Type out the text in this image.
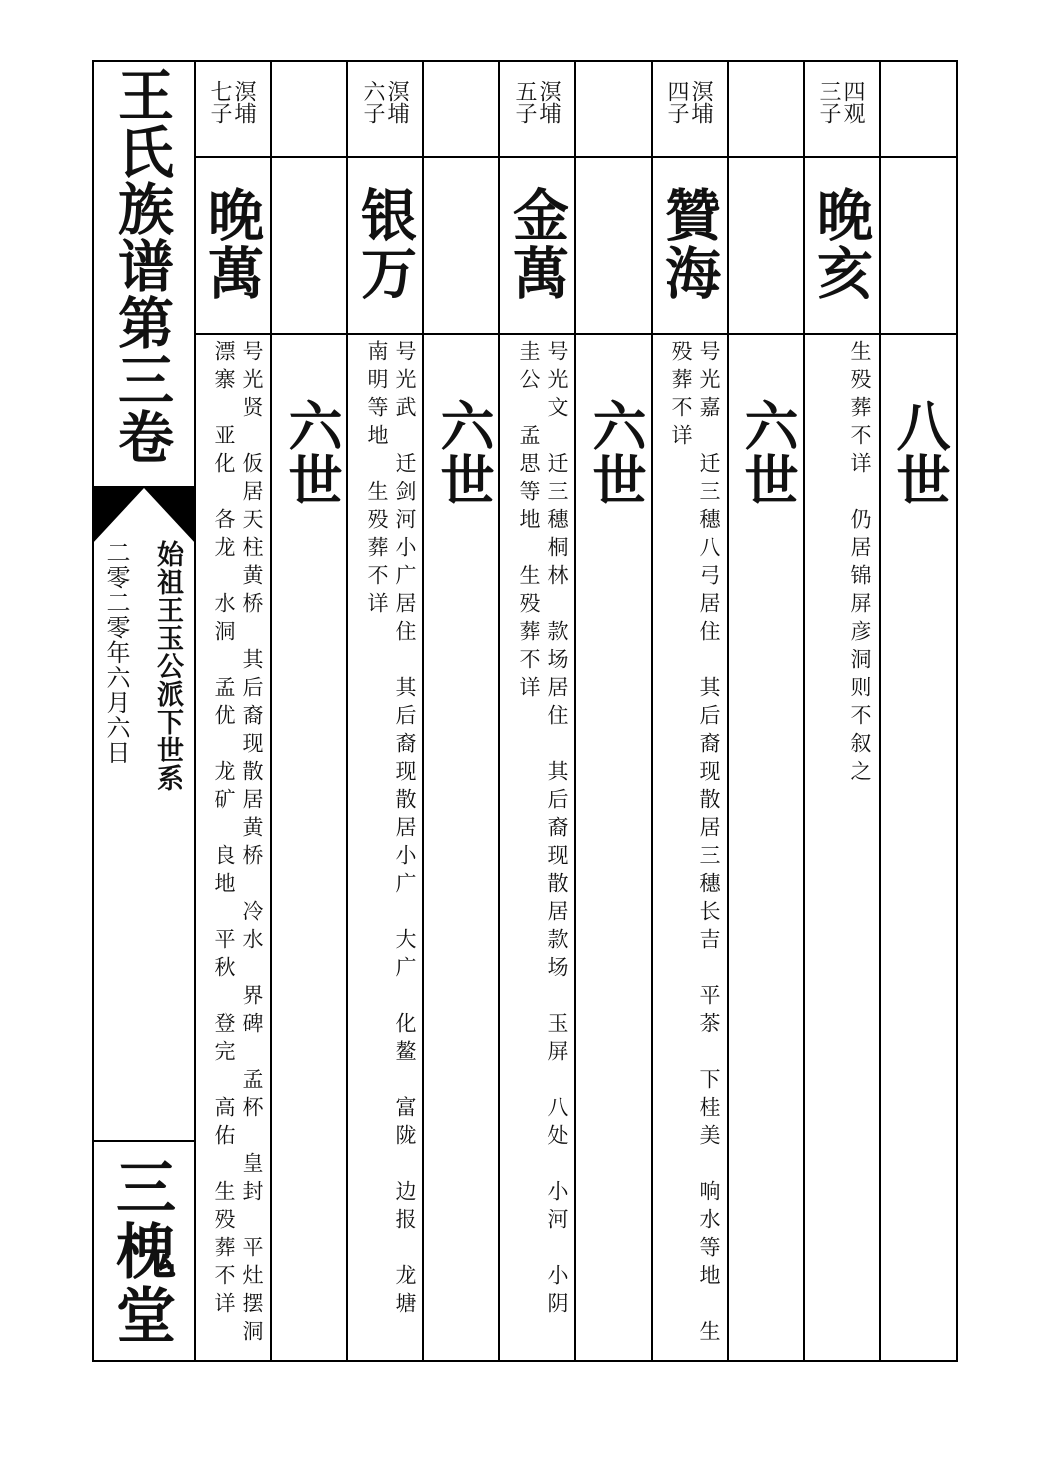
王氏族谱第三卷
始祖王玉公派下世系
二零二零年六月六日
三槐堂
四观
三子
晚亥
生殁葬不详　仍居锦屏彦洞则不叙之 八世
溟埔
四子
贊海
号光嘉　迁三穗八弓居住　其后裔现散居三穗长吉　平茶　下桂美　响水等地　生
殁葬不详 六世
溟埔
五子
金萬
号光文　迁三穗桐林　款场居住　其后裔现散居款场　玉屏　八处　小河　小阴
圭公　孟思等地　生殁葬不详
六世
溟埔
六子
银万
号光武　迁剑河小广居住　其后裔现散居小广　大广　化鳌　富陇　边报　龙塘
南明等地　生殁葬不详
六世
溟埔
七子
晚萬
号光贤　仮居天柱黄桥　其后裔现散居黄桥　冷水　界碑　孟杯　皇封　平灶摆洞
漂寨　亚化　各龙　水洞　孟优　龙矿　良地　平秋　登完　高佑　生殁葬不详
六世
